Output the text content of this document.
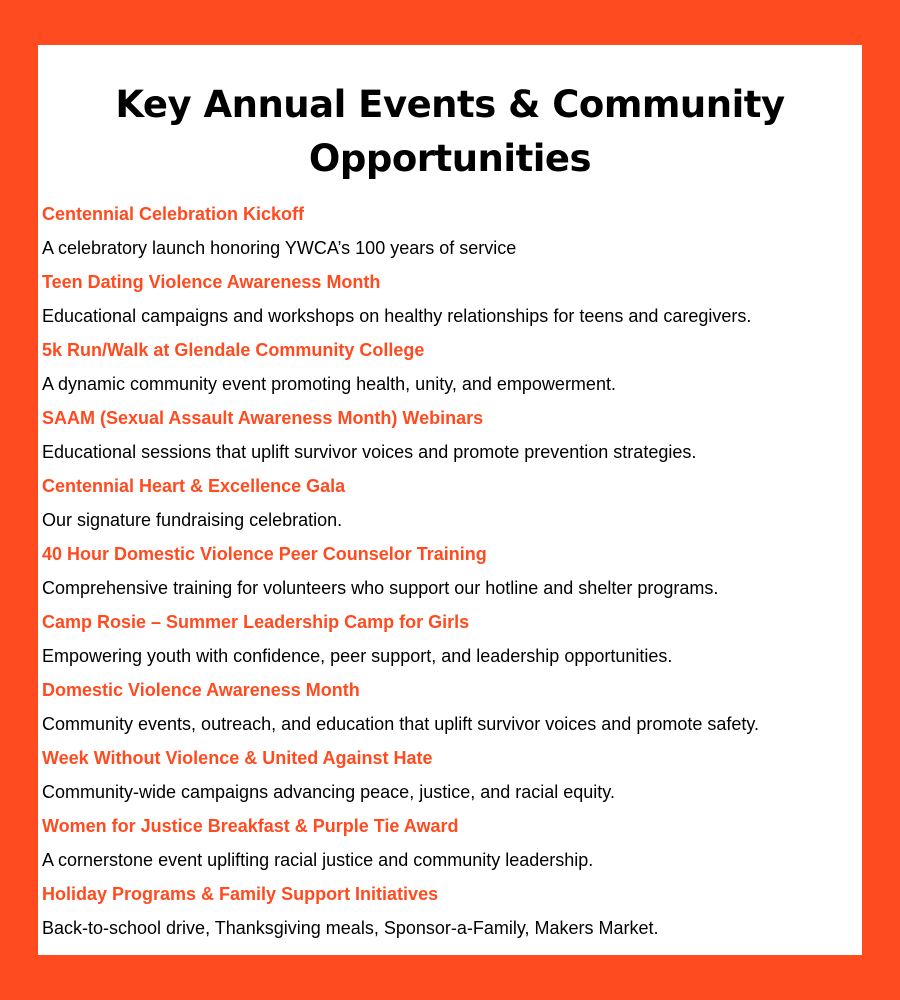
Key Annual Events & Community
Opportunities
Centennial Celebration Kickoff
A celebratory launch honoring YWCA’s 100 years of service
Teen Dating Violence Awareness Month
Educational campaigns and workshops on healthy relationships for teens and caregivers.
5k Run/Walk at Glendale Community College
A dynamic community event promoting health, unity, and empowerment.
SAAM (Sexual Assault Awareness Month) Webinars
Educational sessions that uplift survivor voices and promote prevention strategies.
Centennial Heart & Excellence Gala
Our signature fundraising celebration.
40 Hour Domestic Violence Peer Counselor Training
Comprehensive training for volunteers who support our hotline and shelter programs.
Camp Rosie – Summer Leadership Camp for Girls
Empowering youth with confidence, peer support, and leadership opportunities.
Domestic Violence Awareness Month
Community events, outreach, and education that uplift survivor voices and promote safety.
Week Without Violence & United Against Hate
Community-wide campaigns advancing peace, justice, and racial equity.
Women for Justice Breakfast & Purple Tie Award
A cornerstone event uplifting racial justice and community leadership.
Holiday Programs & Family Support Initiatives
Back-to-school drive, Thanksgiving meals, Sponsor-a-Family, Makers Market.
